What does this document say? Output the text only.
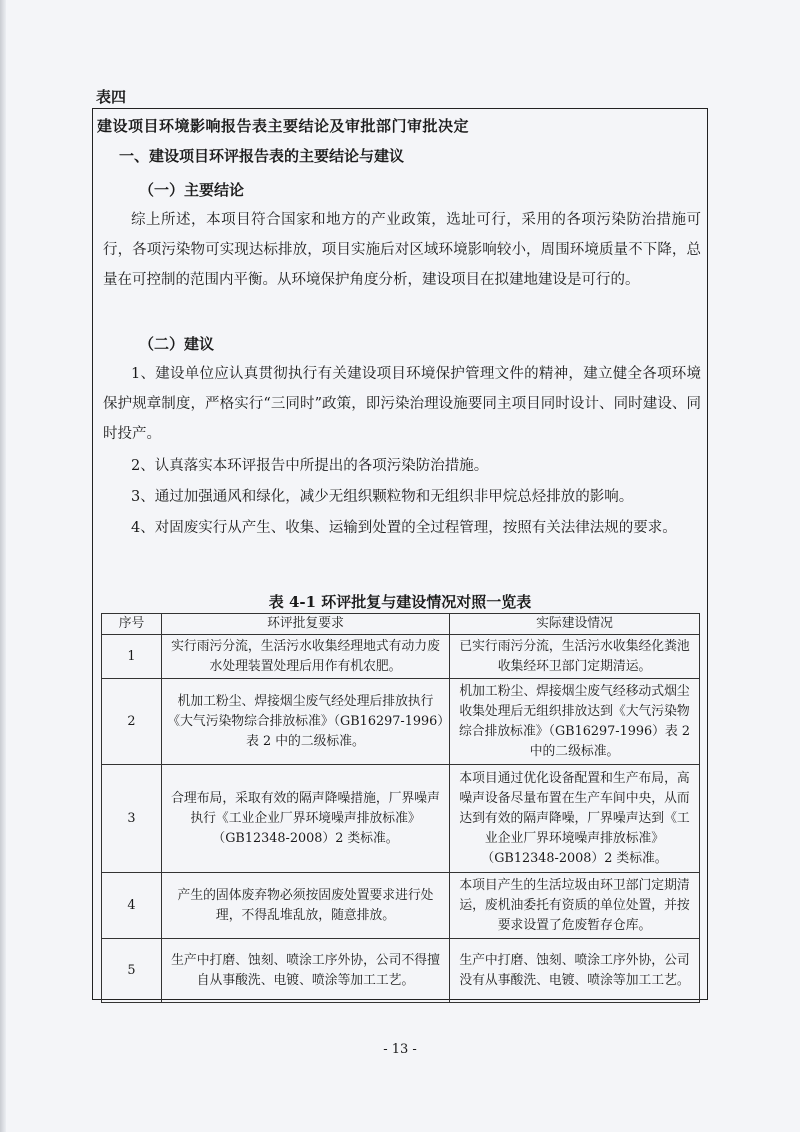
表四
建设项目环境影响报告表主要结论及审批部门审批决定
一、建设项目环评报告表的主要结论与建议
（一）主要结论

综上所述，本项目符合国家和地方的产业政策，选址可行，采用的各项污染防治措施可行，各项污染物可实现达标排放，项目实施后对区域环境影响较小，周围环境质量不下降，总量在可控制的范围内平衡。从环境保护角度分析，建设项目在拟建地建设是可行的。

（二）建议

1、建设单位应认真贯彻执行有关建设项目环境保护管理文件的精神，建立健全各项环境保护规章制度，严格实行“三同时”政策，即污染治理设施要同主项目同时设计、同时建设、同时投产。

2、认真落实本环评报告中所提出的各项污染防治措施。

3、通过加强通风和绿化，减少无组织颗粒物和无组织非甲烷总烃排放的影响。

4、对固废实行从产生、收集、运输到处置的全过程管理，按照有关法律法规的要求。

表 4-1 环评批复与建设情况对照一览表
序号	环评批复要求	实际建设情况
1	实行雨污分流，生活污水收集经理地式有动力废水处理装置处理后用作有机农肥。	已实行雨污分流，生活污水收集经化粪池收集经环卫部门定期清运。
2	机加工粉尘、焊接烟尘废气经处理后排放执行《大气污染物综合排放标准》（GB16297-1996）表 2 中的二级标准。	机加工粉尘、焊接烟尘废气经移动式烟尘收集处理后无组织排放达到《大气污染物综合排放标准》（GB16297-1996）表 2 中的二级标准。
3	合理布局，采取有效的隔声降噪措施，厂界噪声执行《工业企业厂界环境噪声排放标准》（GB12348-2008）2 类标准。	本项目通过优化设备配置和生产布局，高噪声设备尽量布置在生产车间中央，从而达到有效的隔声降噪，厂界噪声达到《工业企业厂界环境噪声排放标准》（GB12348-2008）2 类标准。
4	产生的固体废弃物必须按固废处置要求进行处理，不得乱堆乱放，随意排放。	本项目产生的生活垃圾由环卫部门定期清运，废机油委托有资质的单位处置，并按要求设置了危废暂存仓库。
5	生产中打磨、蚀刻、喷涂工序外协，公司不得擅自从事酸洗、电镀、喷涂等加工工艺。	生产中打磨、蚀刻、喷涂工序外协，公司没有从事酸洗、电镀、喷涂等加工工艺。
- 13 -
